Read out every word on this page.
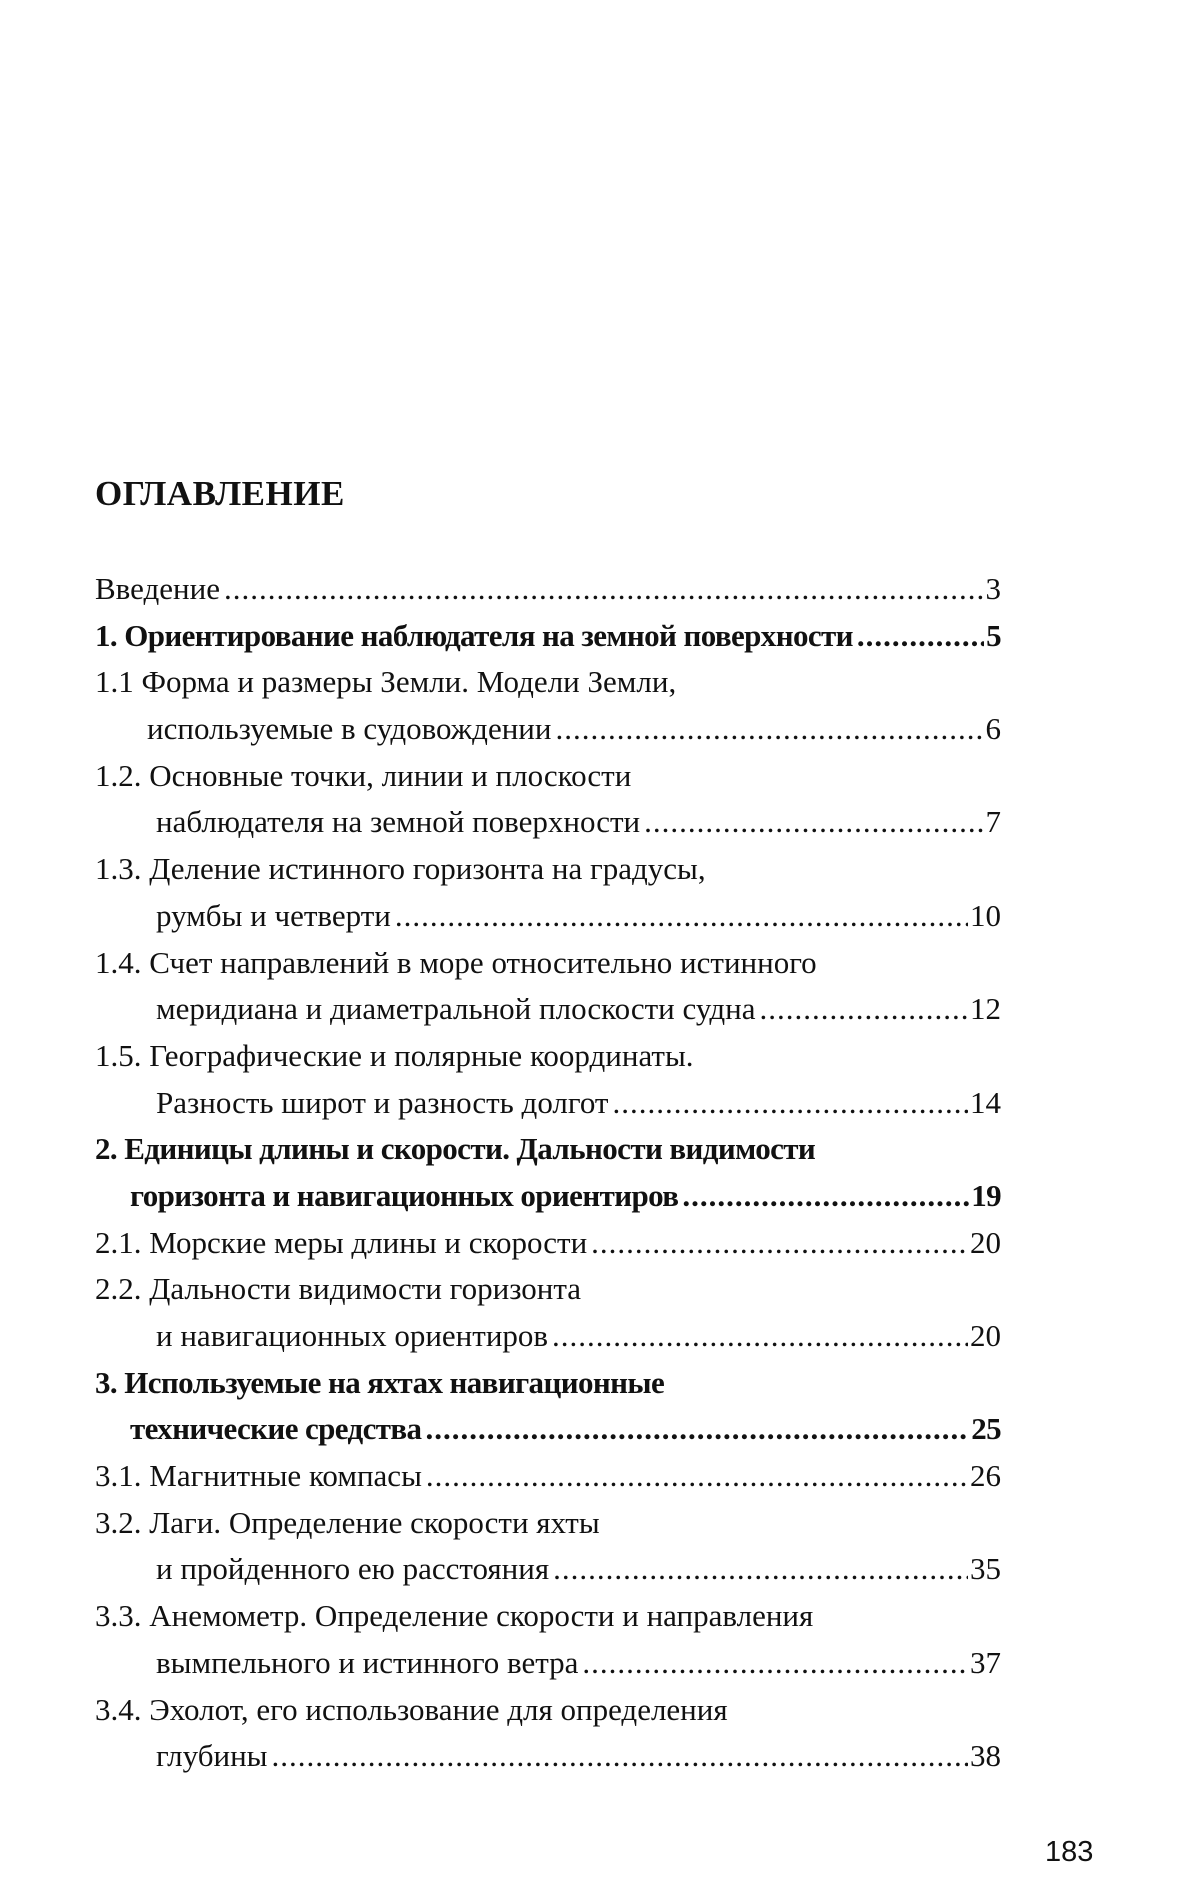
ОГЛАВЛЕНИЕ
Введение .....	3
1. Ориентирование наблюдателя на земной поверхности .....	5
1.1 Форма и размеры Земли. Модели Земли,
используемые в судовождении .....	6
1.2. Основные точки, линии и плоскости
наблюдателя на земной поверхности .....	7
1.3. Деление истинного горизонта на градусы,
румбы и четверти .....	10
1.4. Счет направлений в море относительно истинного
меридиана и диаметральной плоскости судна .....	12
1.5. Географические и полярные координаты.
Разность широт и разность долгот .....	14
2. Единицы длины и скорости. Дальности видимости
горизонта и навигационных ориентиров .....	19
2.1. Морские меры длины и скорости .....	20
2.2. Дальности видимости горизонта
и навигационных ориентиров .....	20
3. Используемые на яхтах навигационные
технические средства .....	25
3.1. Магнитные компасы .....	26
3.2. Лаги. Определение скорости яхты
и пройденного ею расстояния .....	35
3.3. Анемометр. Определение скорости и направления
вымпельного и истинного ветра .....	37
3.4. Эхолот, его использование для определения
глубины .....	38

183
